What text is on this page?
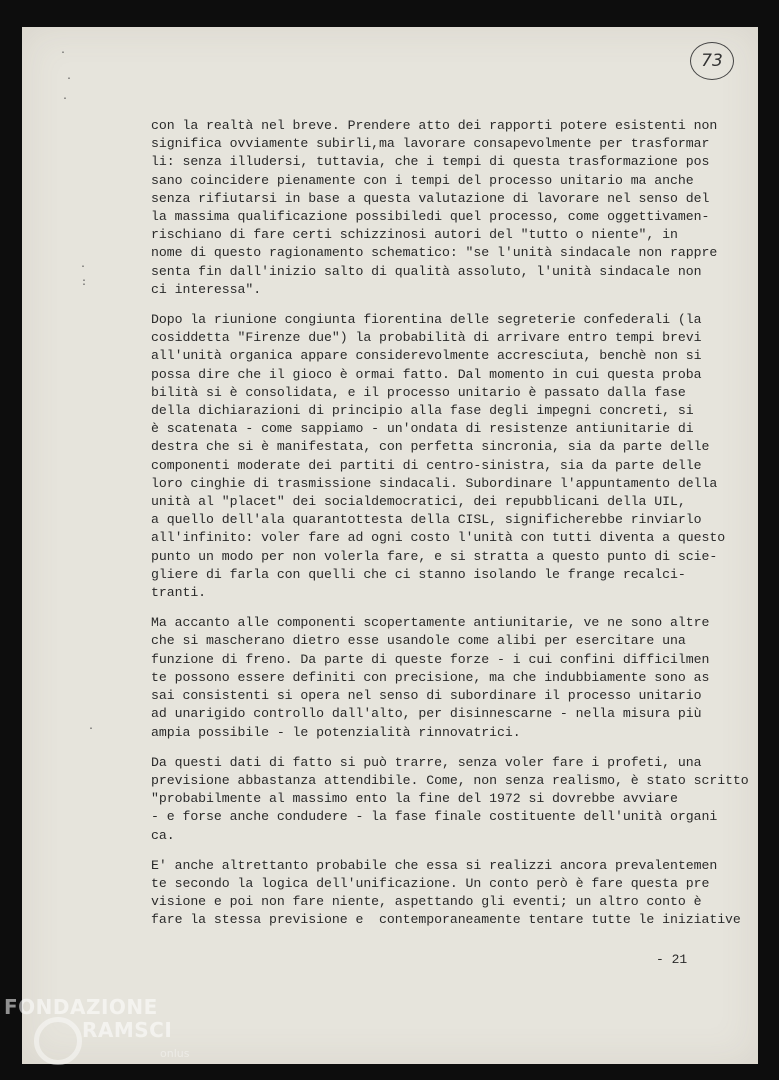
73
·
·
·
·
:
·
con la realtà nel breve. Prendere atto dei rapporti potere esistenti non
significa ovviamente subirli,ma lavorare consapevolmente per trasformar
li: senza illudersi, tuttavia, che i tempi di questa trasformazione pos
sano coincidere pienamente con i tempi del processo unitario ma anche
senza rifiutarsi in base a questa valutazione di lavorare nel senso del
la massima qualificazione possibiledi quel processo, come oggettivamen-
rischiano di fare certi schizzinosi autori del "tutto o niente", in
nome di questo ragionamento schematico: "se l'unità sindacale non rappre
senta fin dall'inizio salto di qualità assoluto, l'unità sindacale non
ci interessa".
Dopo la riunione congiunta fiorentina delle segreterie confederali (la
cosiddetta "Firenze due") la probabilità di arrivare entro tempi brevi
all'unità organica appare considerevolmente accresciuta, benchè non si
possa dire che il gioco è ormai fatto. Dal momento in cui questa proba
bilità si è consolidata, e il processo unitario è passato dalla fase
della dichiarazioni di principio alla fase degli impegni concreti, si
è scatenata - come sappiamo - un'ondata di resistenze antiunitarie di
destra che si è manifestata, con perfetta sincronia, sia da parte delle
componenti moderate dei partiti di centro-sinistra, sia da parte delle
loro cinghie di trasmissione sindacali. Subordinare l'appuntamento della
unità al "placet" dei socialdemocratici, dei repubblicani della UIL,
a quello dell'ala quarantottesta della CISL, significherebbe rinviarlo
all'infinito: voler fare ad ogni costo l'unità con tutti diventa a questo
punto un modo per non volerla fare, e si stratta a questo punto di scie-
gliere di farla con quelli che ci stanno isolando le frange recalci-
tranti.
Ma accanto alle componenti scopertamente antiunitarie, ve ne sono altre
che si mascherano dietro esse usandole come alibi per esercitare una
funzione di freno. Da parte di queste forze - i cui confini difficilmen
te possono essere definiti con precisione, ma che indubbiamente sono as
sai consistenti si opera nel senso di subordinare il processo unitario
ad unarigido controllo dall'alto, per disinnescarne - nella misura più
ampia possibile - le potenzialità rinnovatrici.
Da questi dati di fatto si può trarre, senza voler fare i profeti, una
previsione abbastanza attendibile. Come, non senza realismo, è stato scritto
"probabilmente al massimo ento la fine del 1972 si dovrebbe avviare
- e forse anche condudere - la fase finale costituente dell'unità organi
ca.
E' anche altrettanto probabile che essa si realizzi ancora prevalentemen
te secondo la logica dell'unificazione. Un conto però è fare questa pre
visione e poi non fare niente, aspettando gli eventi; un altro conto è
fare la stessa previsione e  contemporaneamente tentare tutte le iniziative
- 21
FONDAZIONE
RAMSCI
onlus
